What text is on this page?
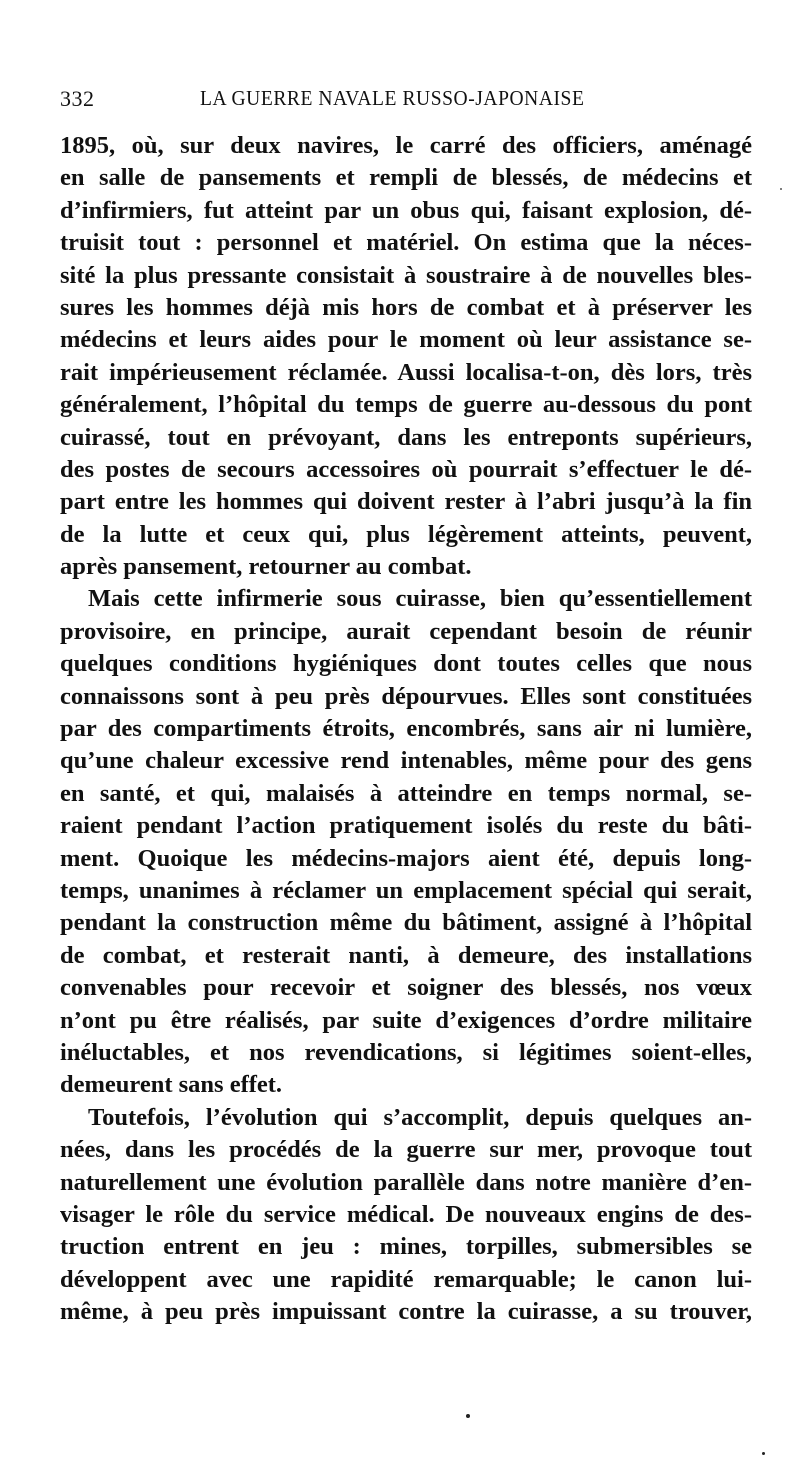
332	LA GUERRE NAVALE RUSSO-JAPONAISE
1895, où, sur deux navires, le carré des officiers, aménagé
en salle de pansements et rempli de blessés, de médecins et
d’infirmiers, fut atteint par un obus qui, faisant explosion, dé-
truisit tout : personnel et matériel. On estima que la néces-
sité la plus pressante consistait à soustraire à de nouvelles bles-
sures les hommes déjà mis hors de combat et à préserver les
médecins et leurs aides pour le moment où leur assistance se-
rait impérieusement réclamée. Aussi localisa-t-on, dès lors, très
généralement, l’hôpital du temps de guerre au-dessous du pont
cuirassé, tout en prévoyant, dans les entreponts supérieurs,
des postes de secours accessoires où pourrait s’effectuer le dé-
part entre les hommes qui doivent rester à l’abri jusqu’à la fin
de la lutte et ceux qui, plus légèrement atteints, peuvent,
après pansement, retourner au combat.
Mais cette infirmerie sous cuirasse, bien qu’essentiellement
provisoire, en principe, aurait cependant besoin de réunir
quelques conditions hygiéniques dont toutes celles que nous
connaissons sont à peu près dépourvues. Elles sont constituées
par des compartiments étroits, encombrés, sans air ni lumière,
qu’une chaleur excessive rend intenables, même pour des gens
en santé, et qui, malaisés à atteindre en temps normal, se-
raient pendant l’action pratiquement isolés du reste du bâti-
ment. Quoique les médecins-majors aient été, depuis long-
temps, unanimes à réclamer un emplacement spécial qui serait,
pendant la construction même du bâtiment, assigné à l’hôpital
de combat, et resterait nanti, à demeure, des installations
convenables pour recevoir et soigner des blessés, nos vœux
n’ont pu être réalisés, par suite d’exigences d’ordre militaire
inéluctables, et nos revendications, si légitimes soient-elles,
demeurent sans effet.
Toutefois, l’évolution qui s’accomplit, depuis quelques an-
nées, dans les procédés de la guerre sur mer, provoque tout
naturellement une évolution parallèle dans notre manière d’en-
visager le rôle du service médical. De nouveaux engins de des-
truction entrent en jeu : mines, torpilles, submersibles se
développent avec une rapidité remarquable; le canon lui-
même, à peu près impuissant contre la cuirasse, a su trouver,
